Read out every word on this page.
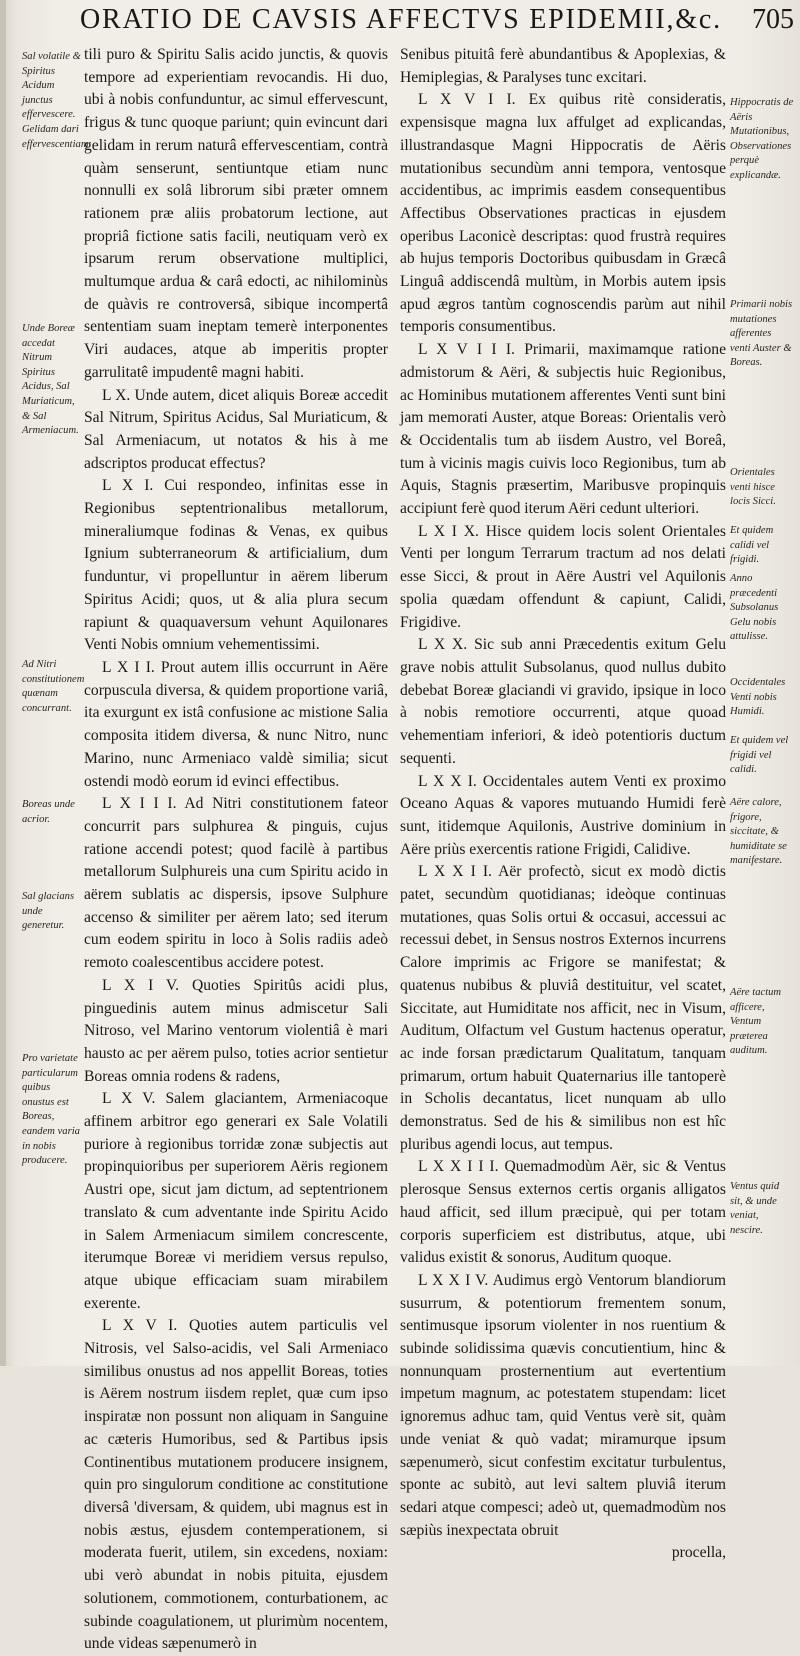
ORATIO DE CAVSIS AFFECTVS EPIDEMII,&c. 705

tili puro & Spiritu Salis acido junctis, & quovis tempore ad experientiam revocandis. Hi duo, ubi à nobis confunduntur, ac simul effervescunt, frigus & tunc quoque pariunt; quin evincunt dari gelidam in rerum naturâ effervescentiam, contrà quàm senserunt, sentiuntque etiam nunc nonnulli ex solâ librorum sibi præter omnem rationem præ aliis probatorum lectione, aut propriâ fictione satis facili, neutiquam verò ex ipsarum rerum observatione multiplici, multumque ardua & carâ edocti, ac nihilominùs de quàvis re controversâ, sibique incompertâ sententiam suam ineptam temerè interponentes Viri audaces, atque ab imperitis propter garrulitatê impudentê magni habiti.

L X. Unde autem, dicet aliquis Boreæ accedit Sal Nitrum, Spiritus Acidus, Sal Muriaticum, & Sal Armeniacum, ut notatos & his à me adscriptos producat effectus?

L X I. Cui respondeo, infinitas esse in Regionibus septentrionalibus metallorum, mineraliumque fodinas & Venas, ex quibus Ignium subterraneorum & artificialium, dum funduntur, vi propelluntur in aërem liberum Spiritus Acidi; quos, ut & alia plura secum rapiunt & quaquaversum vehunt Aquilonares Venti Nobis omnium vehementissimi.

L X I I. Prout autem illis occurrunt in Aëre corpuscula diversa, & quidem proportione variâ, ita exurgunt ex istâ confusione ac mistione Salia composita itidem diversa, & nunc Nitro, nunc Marino, nunc Armeniaco valdè similia; sicut ostendi modò eorum id evinci effectibus.

L X I I I. Ad Nitri constitutionem fateor concurrit pars sulphurea & pinguis, cujus ratione accendi potest; quod facilè à partibus metallorum Sulphureis una cum Spiritu acido in aërem sublatis ac dispersis, ipsove Sulphure accenso & similiter per aërem lato; sed iterum cum eodem spiritu in loco à Solis radiis adeò remoto coalescentibus accidere potest.

L X I V. Quoties Spiritûs acidi plus, pinguedinis autem minus admiscetur Sali Nitroso, vel Marino ventorum violentiâ è mari hausto ac per aërem pulso, toties acrior sentietur Boreas omnia rodens & radens,

L X V. Salem glaciantem, Armeniacoque affinem arbitror ego generari ex Sale Volatili puriore à regionibus torridæ zonæ subjectis aut propinquioribus per superiorem Aëris regionem Austri ope, sicut jam dictum, ad septentrionem translato & cum adventante inde Spiritu Acido in Salem Armeniacum similem concrescente, iterumque Boreæ vi meridiem versus repulso, atque ubique efficaciam suam mirabilem exerente.

L X V I. Quoties autem particulis vel Nitrosis, vel Salso-acidis, vel Sali Armeniaco similibus onustus ad nos appellit Boreas, toties is Aërem nostrum iisdem replet, quæ cum ipso inspiratæ non possunt non aliquam in Sanguine ac cæteris Humoribus, sed & Partibus ipsis Continentibus mutationem producere insignem, quin pro singulorum conditione ac constitutione diversâ 'diversam, & quidem, ubi magnus est in nobis æstus, ejusdem contemperationem, si moderata fuerit, utilem, sin excedens, noxiam: ubi verò abundat in nobis pituita, ejusdem solutionem, commotionem, conturbationem, ac subinde coagulationem, ut plurimùm nocentem, unde videas sæpenumerò in

Senibus pituitâ ferè abundantibus & Apoplexias, & Hemiplegias, & Paralyses tunc excitari.

L X V I I. Ex quibus ritè consideratis, expensisque magna lux affulget ad explicandas, illustrandasque Magni Hippocratis de Aëris mutationibus secundùm anni tempora, ventosque accidentibus, ac imprimis easdem consequentibus Affectibus Observationes practicas in ejusdem operibus Laconicè descriptas: quod frustrà requires ab hujus temporis Doctoribus quibusdam in Græcâ Linguâ addiscendâ multùm, in Morbis autem ipsis apud ægros tantùm cognoscendis parùm aut nihil temporis consumentibus.

L X V I I I. Primarii, maximamque ratione admistorum & Aëri, & subjectis huic Regionibus, ac Hominibus mutationem afferentes Venti sunt bini jam memorati Auster, atque Boreas: Orientalis verò & Occidentalis tum ab iisdem Austro, vel Boreâ, tum à vicinis magis cuivis loco Regionibus, tum ab Aquis, Stagnis præsertim, Maribusve propinquis accipiunt ferè quod iterum Aëri cedunt ulteriori.

L X I X. Hisce quidem locis solent Orientales Venti per longum Terrarum tractum ad nos delati esse Sicci, & prout in Aëre Austri vel Aquilonis spolia quædam offendunt & capiunt, Calidi, Frigidive.

L X X. Sic sub anni Præcedentis exitum Gelu grave nobis attulit Subsolanus, quod nullus dubito debebat Boreæ glaciandi vi gravido, ipsique in loco à nobis remotiore occurrenti, atque quoad vehementiam inferiori, & ideò potentioris ductum sequenti.

L X X I. Occidentales autem Venti ex proximo Oceano Aquas & vapores mutuando Humidi ferè sunt, itidemque Aquilonis, Austrive dominium in Aëre priùs exercentis ratione Frigidi, Calidive.

L X X I I. Aër profectò, sicut ex modò dictis patet, secundùm quotidianas; ideòque continuas mutationes, quas Solis ortui & occasui, accessui ac recessui debet, in Sensus nostros Externos incurrens Calore imprimis ac Frigore se manifestat; & quatenus nubibus & pluviâ destituitur, vel scatet, Siccitate, aut Humiditate nos afficit, nec in Visum, Auditum, Olfactum vel Gustum hactenus operatur, ac inde forsan prædictarum Qualitatum, tanquam primarum, ortum habuit Quaternarius ille tantoperè in Scholis decantatus, licet nunquam ab ullo demonstratus. Sed de his & similibus non est hîc pluribus agendi locus, aut tempus.

L X X I I I. Quemadmodùm Aër, sic & Ventus plerosque Sensus externos certis organis alligatos haud afficit, sed illum præcipuè, qui per totam corporis superficiem est distributus, atque, ubi validus existit & sonorus, Auditum quoque.

L X X I V. Audimus ergò Ventorum blandiorum susurrum, & potentiorum frementem sonum, sentimusque ipsorum violenter in nos ruentium & subinde solidissima quævis concutientium, hinc & nonnunquam prosternentium aut evertentium impetum magnum, ac potestatem stupendam: licet ignoremus adhuc tam, quid Ventus verè sit, quàm unde veniat & quò vadat; miramurque ipsum sæpenumerò, sicut confestim excitatur turbulentus, sponte ac subitò, aut levi saltem pluviâ iterum sedari atque compesci; adeò ut, quemadmodùm nos sæpiùs inexpectata obruit

procella,

Sal volatile & Spiritus Acidum junctus effervescere. Gelidam dari effervescentiam.
Unde Boreæ accedat Nitrum Spiritus Acidus, Sal Muriaticum, & Sal Armeniacum.
Ad Nitri constitutionem quænam concurrant.
Boreas unde acrior.
Sal glacians unde generetur.
Pro varietate particularum quibus onustus est Boreas, eandem varia in nobis producere.
Hippocratis de Aëris Mutationibus, Observationes perquè explicandæ.
Primarii nobis mutationes afferentes venti Auster & Boreas.
Orientales venti hisce locis Sicci.
Et quidem calidi vel frigidi.
Anno præcedenti Subsolanus Gelu nobis attulisse.
Occidentales Venti nobis Humidi.
Et quidem vel frigidi vel calidi.
Aëre calore, frigore, siccitate, & humiditate se manifestare.
Aëre tactum afficere, Ventum præterea auditum.
Ventus quid sit, & unde veniat, nescire.
